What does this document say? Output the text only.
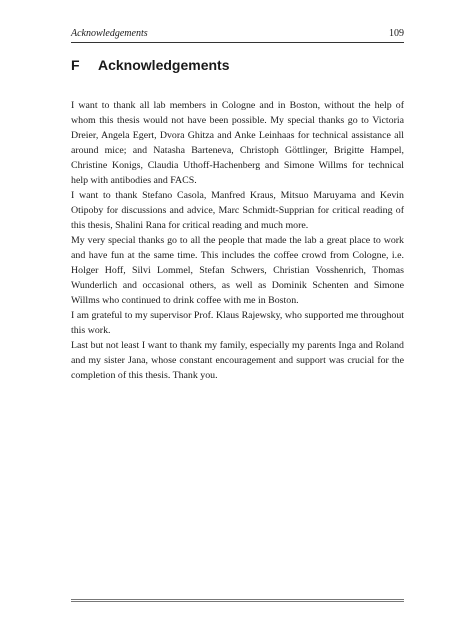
Acknowledgements	109
F Acknowledgements

I want to thank all lab members in Cologne and in Boston, without the help of whom this thesis would not have been possible. My special thanks go to Victoria Dreier, Angela Egert, Dvora Ghitza and Anke Leinhaas for technical assistance all around mice; and Natasha Barteneva, Christoph Göttlinger, Brigitte Hampel, Christine Konigs, Claudia Uthoff-Hachenberg and Simone Willms for technical help with antibodies and FACS.

I want to thank Stefano Casola, Manfred Kraus, Mitsuo Maruyama and Kevin Otipoby for discussions and advice, Marc Schmidt-Supprian for critical reading of this thesis, Shalini Rana for critical reading and much more.

My very special thanks go to all the people that made the lab a great place to work and have fun at the same time. This includes the coffee crowd from Cologne, i.e. Holger Hoff, Silvi Lommel, Stefan Schwers, Christian Vosshenrich, Thomas Wunderlich and occasional others, as well as Dominik Schenten and Simone Willms who continued to drink coffee with me in Boston.

I am grateful to my supervisor Prof. Klaus Rajewsky, who supported me throughout this work.

Last but not least I want to thank my family, especially my parents Inga and Roland and my sister Jana, whose constant encouragement and support was crucial for the completion of this thesis. Thank you.
